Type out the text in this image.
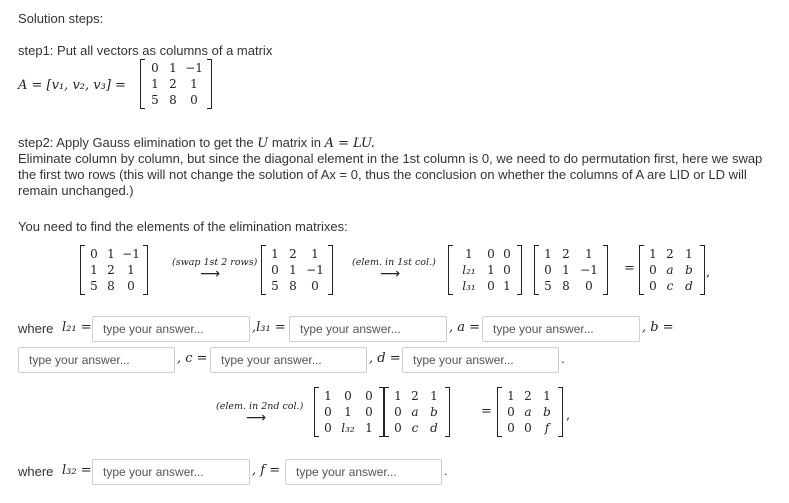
Solution steps:
step1: Put all vectors as columns of a matrix
A = [v₁, v₂, v₃] =
0 1 −1
1 2	1
5 8	0
step2: Apply Gauss elimination to get the U matrix in A = LU.
Eliminate column by column, but since the diagonal element in the 1st column is 0, we need to do permutation first, here we swap the first two rows (this will not change the solution of Ax = 0, thus the conclusion on whether the columns of A are LID or LD will remain unchanged.)
You need to find the elements of the elimination matrixes:
0 1 −1
1 2	1
5 8	0
(swap 1st 2 rows)
⟶
1 2	1
0 1 −1
5 8	0
(elem. in 1st col.)
⟶
1	0 0
l₂₁ 1 0
l₃₁ 0 1
1 2	1
0 1 −1
5 8	0
=
1 2 1
0 a b
0 c d
,
where l₂₁ =
type your answer...	,l₃₁ =
type your answer...	, a =
type your answer...	, b =
type your answer...
, c =
type your answer...	, d =
type your answer...	.
(elem. in 2nd col.)
⟶
1	0	0
0	1	0
0 l₃₂ 1
1 2 1
0 a b
0 c d
=
1 2 1
0 a b
0 0	f
,
where l₃₂ =
type your answer...	, f =
type your answer...	.
